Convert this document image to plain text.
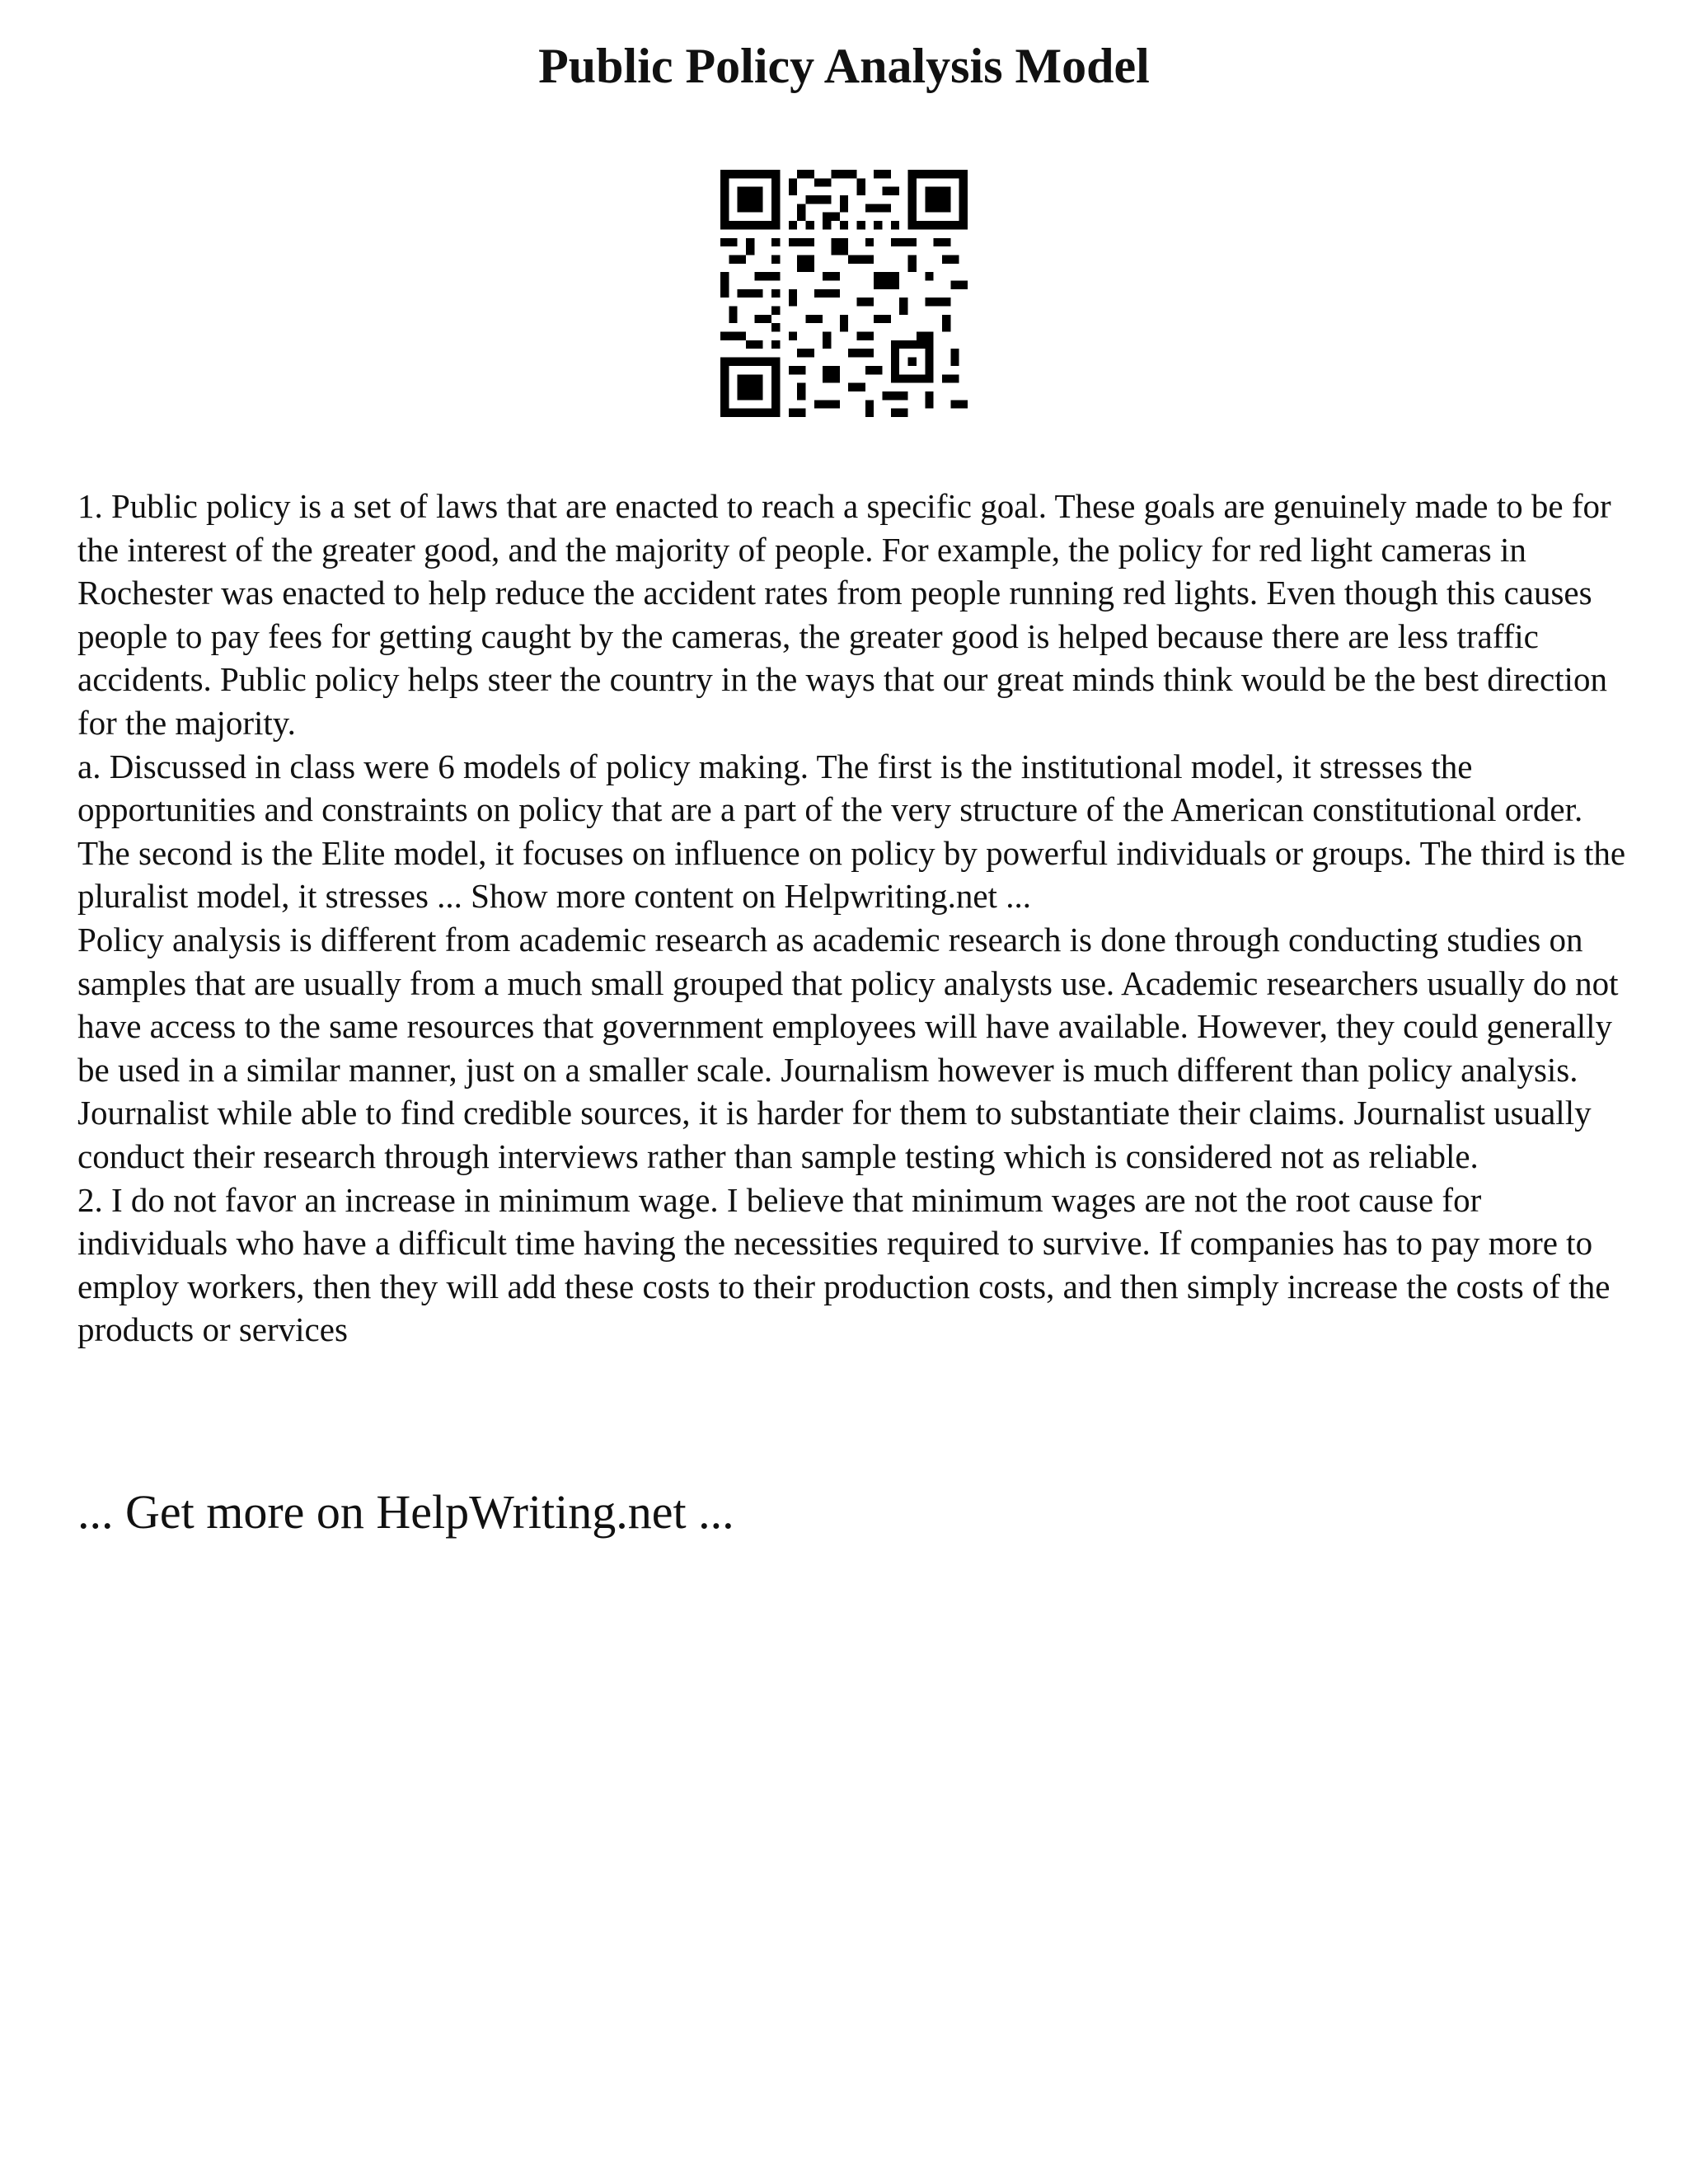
Public Policy Analysis Model

1. Public policy is a set of laws that are enacted to reach a specific goal. These goals are genuinely made to be for the interest of the greater good, and the majority of people. For example, the policy for red light cameras in Rochester was enacted to help reduce the accident rates from people running red lights. Even though this causes people to pay fees for getting caught by the cameras, the greater good is helped because there are less traffic accidents. Public policy helps steer the country in the ways that our great minds think would be the best direction for the majority.

a. Discussed in class were 6 models of policy making. The first is the institutional model, it stresses the opportunities and constraints on policy that are a part of the very structure of the American constitutional order. The second is the Elite model, it focuses on influence on policy by powerful individuals or groups. The third is the pluralist model, it stresses ... Show more content on Helpwriting.net ...

Policy analysis is different from academic research as academic research is done through conducting studies on samples that are usually from a much small grouped that policy analysts use. Academic researchers usually do not have access to the same resources that government employees will have available. However, they could generally be used in a similar manner, just on a smaller scale. Journalism however is much different than policy analysis. Journalist while able to find credible sources, it is harder for them to substantiate their claims. Journalist usually conduct their research through interviews rather than sample testing which is considered not as reliable.

2. I do not favor an increase in minimum wage. I believe that minimum wages are not the root cause for individuals who have a difficult time having the necessities required to survive. If companies has to pay more to employ workers, then they will add these costs to their production costs, and then simply increase the costs of the products or services

... Get more on HelpWriting.net ...
